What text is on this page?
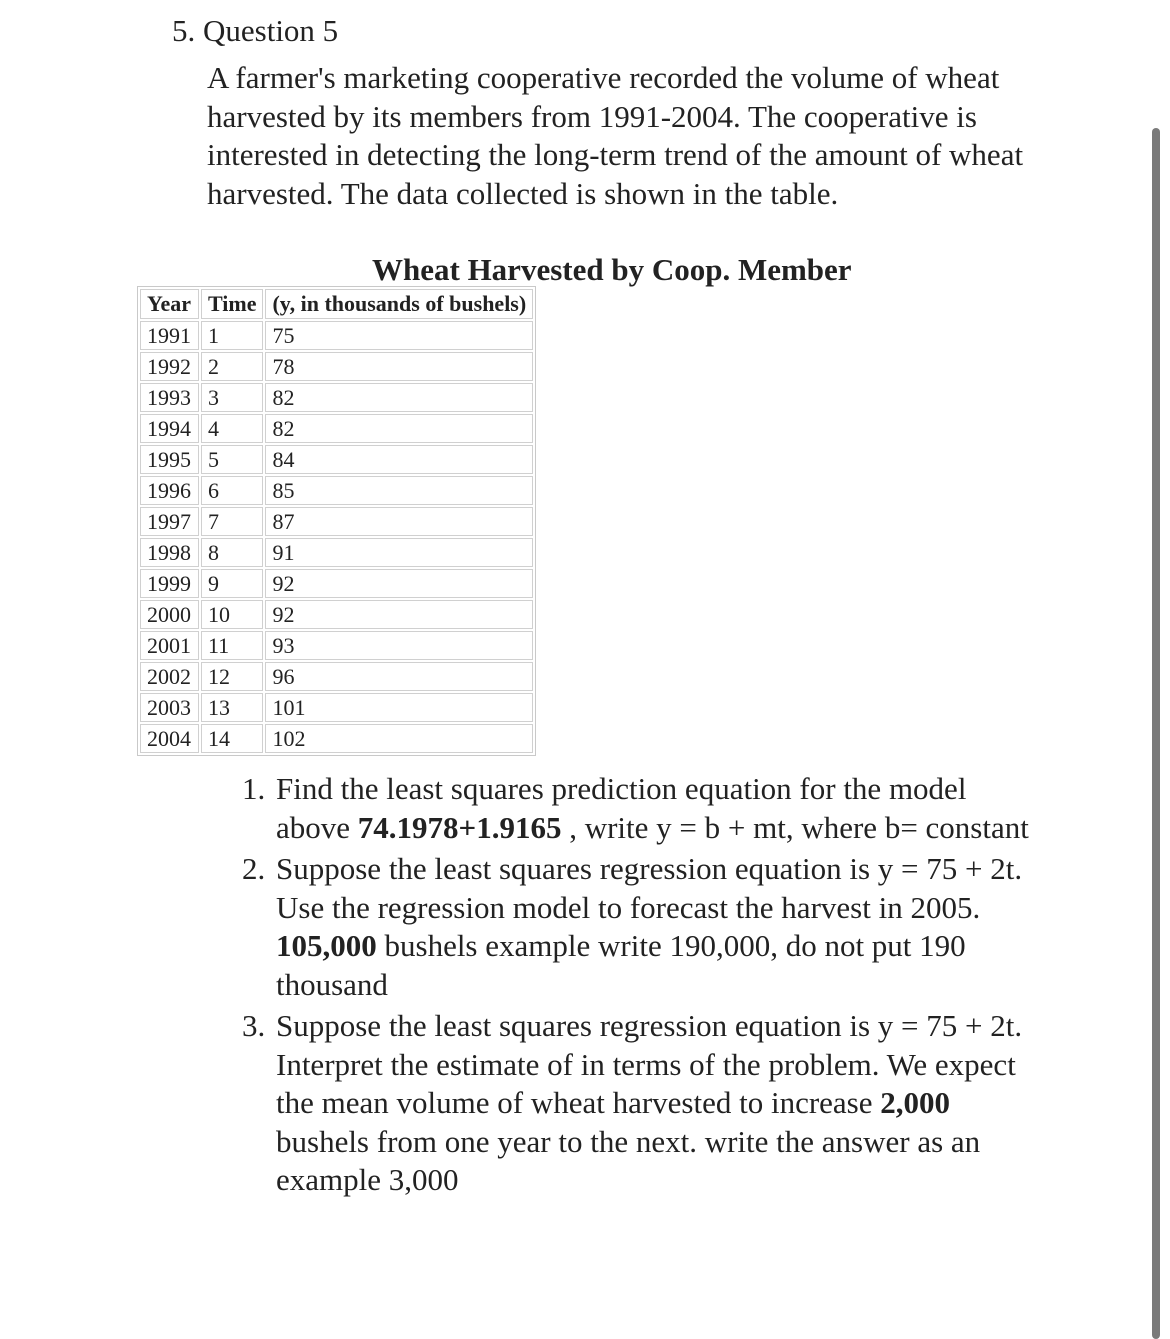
5. Question 5

A farmer's marketing cooperative recorded the volume of wheat harvested by its members from 1991-2004. The cooperative is interested in detecting the long-term trend of the amount of wheat harvested. The data collected is shown in the table.

Wheat Harvested by Coop. Member
Year	Time	(y, in thousands of bushels)
1991	1	75
1992	2	78
1993	3	82
1994	4	82
1995	5	84
1996	6	85
1997	7	87
1998	8	91
1999	9	92
2000	10	92
2001	11	93
2002	12	96
2003	13	101
2004	14	102
1. Find the least squares prediction equation for the model above 74.1978+1.9165 , write y = b + mt, where b= constant
2. Suppose the least squares regression equation is y = 75 + 2t. Use the regression model to forecast the harvest in 2005. 105,000 bushels example write 190,000, do not put 190 thousand
3. Suppose the least squares regression equation is y = 75 + 2t. Interpret the estimate of in terms of the problem. We expect the mean volume of wheat harvested to increase 2,000 bushels from one year to the next. write the answer as an example 3,000
